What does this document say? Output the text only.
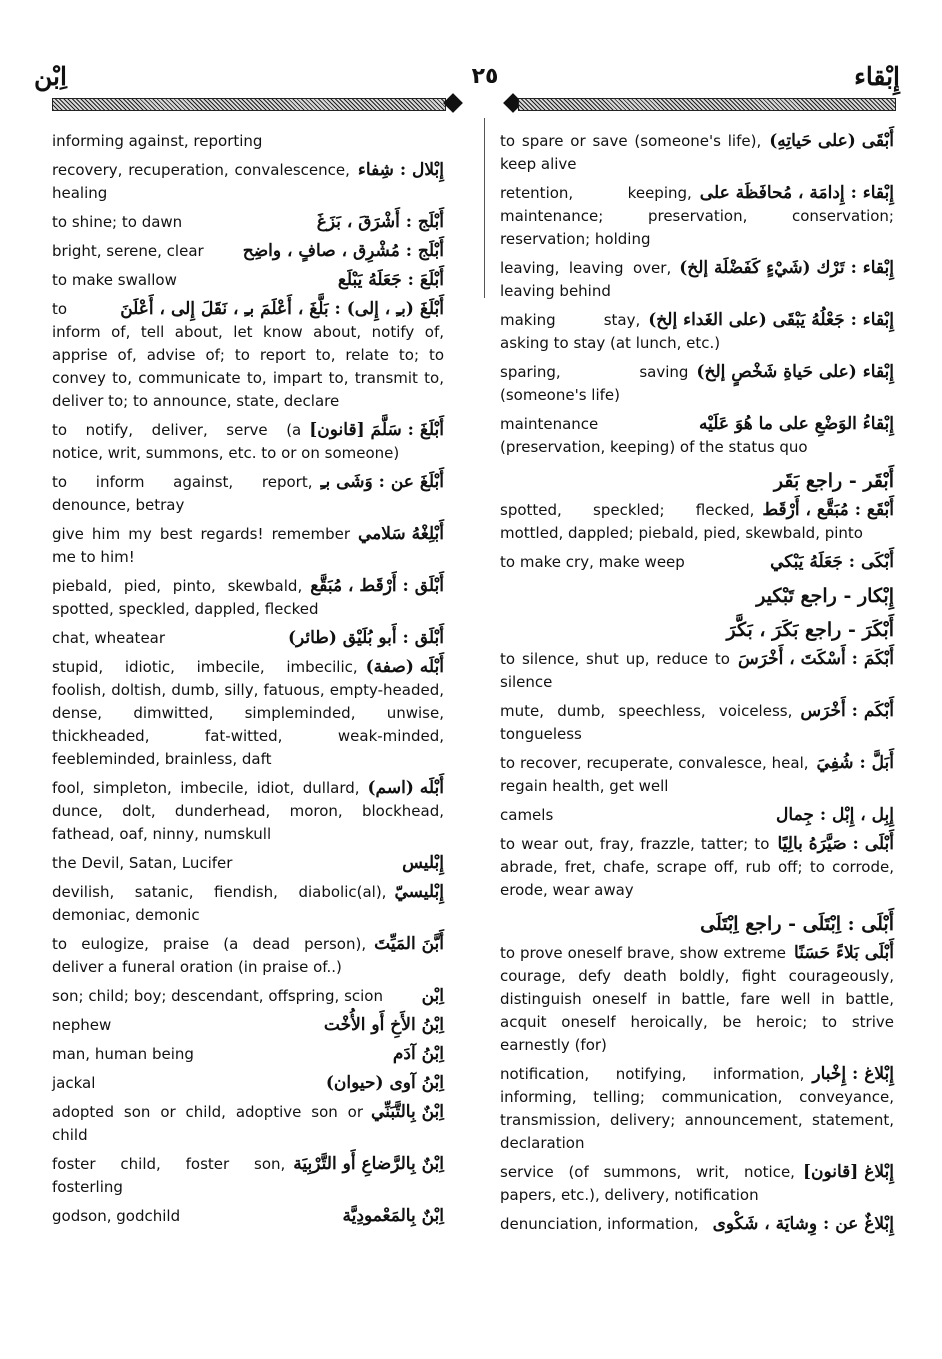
اِبْن	٢٥	إِبْقاء
informing against, reporting
إِبْلال : شِفاء
recovery, recuperation, convalescence, healing
أَبْلَج : أَشْرَقَ ، بَزَغَ
to shine; to dawn
أَبْلَج : مُشْرِق ، صافٍ ، واضِح
bright, serene, clear
أَبْلَعَ : جَعَلَهُ يَبْلَع
to make swallow
أَبْلَغَ (بـِ ، إِلى) : بَلَّغَ ، أَعْلَمَ بـِ ، نَقَلَ إِلى ، أَعْلَنَ
to inform of, tell about, let know about, notify of, apprise of, advise of; to report to, relate to; to convey to, communicate to, impart to, transmit to, deliver to; to announce, state, declare
أَبْلَغَ : سَلَّمَ [قانون]
to notify, deliver, serve (a notice, writ, summons, etc. to or on someone)
أَبْلَغَ عن : وَشَى بـِ
to inform against, report, denounce, betray
أَبْلِغْهُ سَلامي
give him my best regards! remember me to him!
أَبْلَق : أَرْقَط ، مُبَقَّع
piebald, pied, pinto, skewbald, spotted, speckled, dappled, flecked
أَبْلَق : أَبو بُلَيْق (طائر)
chat, wheatear
أَبْلَه (صفة)
stupid, idiotic, imbecile, imbecilic, foolish, doltish, dumb, silly, fatuous, empty-headed, dense, dimwitted, simpleminded, unwise, thickheaded, fat-witted, weak-minded, feebleminded, brainless, daft
أَبْلَه (اسم)
fool, simpleton, imbecile, idiot, dullard, dunce, dolt, dunderhead, moron, blockhead, fathead, oaf, ninny, numskull
إِبْليس
the Devil, Satan, Lucifer
إِبْليسيّ
devilish, satanic, fiendish, diabolic(al), demoniac, demonic
أَبَّنَ المَيِّتَ
to eulogize, praise (a dead person), deliver a funeral oration (in praise of..)
اِبْن
son; child; boy; descendant, offspring, scion
اِبْنُ الأَخِ أَو الأُخْت
nephew
اِبْنُ آدَم
man, human being
اِبْنُ آوى (حيوان)
jackal
اِبْنٌ بِالتَّبَنِّي
adopted son or child, adoptive son or child
اِبْنٌ بِالرَّضاعِ أَو التَّرْبِيَة
foster child, foster son, fosterling
اِبْنٌ بِالمَعْمودِيَّة
godson, godchild
أَبْقَى (على حَياتِهِ)
to spare or save (someone's life), keep alive
إِبْقاء : إِدامَة ، مُحافَظَة على
retention, keeping, maintenance; preservation, conservation; reservation; holding
إِبْقاء : تَرْك (شَيْءٍ كَفَضْلَة إلخ)
leaving, leaving over, leaving behind
إِبْقاء : جَعْلُهُ يَبْقَى (على الغَداء إلخ)
making stay, asking to stay (at lunch, etc.)
إِبْقاء (على حَياةِ شَخْصٍ إلخ)
sparing, saving (someone's life)
إِبْقاءُ الوَضْعِ على ما هُوَ عَلَيْه
maintenance (preservation, keeping) of the status quo
أَبْقَر - راجع بَقَر
أَبْقَع : مُبَقَّع ، أَرْقَط
spotted, speckled; flecked, mottled, dappled; piebald, pied, skewbald, pinto
أَبْكَى : جَعَلَهُ يَبْكي
to make cry, make weep
إِبْكار - راجع تَبْكير
أَبْكَرَ - راجع بَكَرَ ، بَكَّرَ
أَبْكَمَ : أَسْكَتَ ، أَخْرَسَ
to silence, shut up, reduce to silence
أَبْكَم : أَخْرَس
mute, dumb, speechless, voiceless, tongueless
أَبَلَّ : شُفِيَ
to recover, recuperate, convalesce, heal, regain health, get well
إِبِل ، إِبْل : جِمال
camels
أَبْلَى : صَيَّرَهُ بالِيًا
to wear out, fray, frazzle, tatter; to abrade, fret, chafe, scrape off, rub off; to corrode, erode, wear away
أَبْلَى : اِبْتَلَى - راجع اِبْتَلَى
أَبْلَى بَلاءً حَسَنًا
to prove oneself brave, show extreme courage, defy death boldly, fight courageously, distinguish oneself in battle, fare well in battle, acquit oneself heroically, be heroic; to strive earnestly (for)
إِبْلاغ : إِخْبار
notification, notifying, information, informing, telling; communication, conveyance, transmission, delivery; announcement, statement, declaration
إِبْلاغ [قانون]
service (of summons, writ, notice, papers, etc.), delivery, notification
إِبْلاغٌ عن : وِشايَة ، شَكْوى
denunciation, information,
